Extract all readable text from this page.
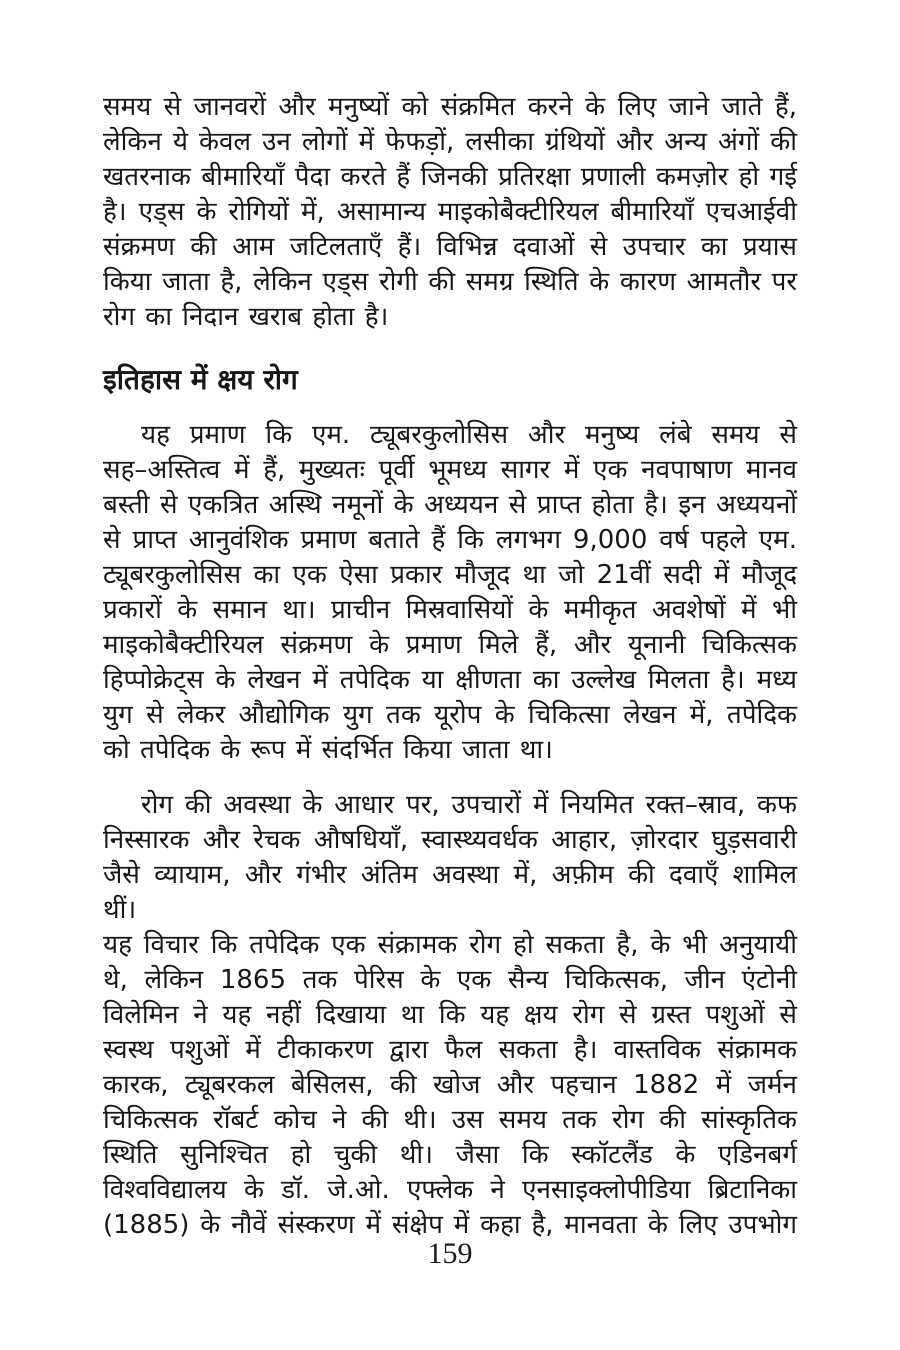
समय से जानवरों और मनुष्यों को संक्रमित करने के लिए जाने जाते हैं,
लेकिन ये केवल उन लोगों में फेफड़ों, लसीका ग्रंथियों और अन्य अंगों की
खतरनाक बीमारियाँ पैदा करते हैं जिनकी प्रतिरक्षा प्रणाली कमज़ोर हो गई
है। एड्स के रोगियों में, असामान्य माइकोबैक्टीरियल बीमारियाँ एचआईवी
संक्रमण की आम जटिलताएँ हैं। विभिन्न दवाओं से उपचार का प्रयास
किया जाता है, लेकिन एड्स रोगी की समग्र स्थिति के कारण आमतौर पर
रोग का निदान खराब होता है।
इतिहास में क्षय रोग
यह प्रमाण कि एम. ट्यूबरकुलोसिस और मनुष्य लंबे समय से
सह–अस्तित्व में हैं, मुख्यतः पूर्वी भूमध्य सागर में एक नवपाषाण मानव
बस्ती से एकत्रित अस्थि नमूनों के अध्ययन से प्राप्त होता है। इन अध्ययनों
से प्राप्त आनुवंशिक प्रमाण बताते हैं कि लगभग 9,000 वर्ष पहले एम.
ट्यूबरकुलोसिस का एक ऐसा प्रकार मौजूद था जो 21वीं सदी में मौजूद
प्रकारों के समान था। प्राचीन मिस्रवासियों के ममीकृत अवशेषों में भी
माइकोबैक्टीरियल संक्रमण के प्रमाण मिले हैं, और यूनानी चिकित्सक
हिप्पोक्रेट्स के लेखन में तपेदिक या क्षीणता का उल्लेख मिलता है। मध्य
युग से लेकर औद्योगिक युग तक यूरोप के चिकित्सा लेखन में, तपेदिक
को तपेदिक के रूप में संदर्भित किया जाता था।
रोग की अवस्था के आधार पर, उपचारों में नियमित रक्त–स्राव, कफ
निस्सारक और रेचक औषधियाँ, स्वास्थ्यवर्धक आहार, ज़ोरदार घुड़सवारी
जैसे व्यायाम, और गंभीर अंतिम अवस्था में, अफ़ीम की दवाएँ शामिल थीं।
यह विचार कि तपेदिक एक संक्रामक रोग हो सकता है, के भी अनुयायी
थे, लेकिन 1865 तक पेरिस के एक सैन्य चिकित्सक, जीन एंटोनी
विलेमिन ने यह नहीं दिखाया था कि यह क्षय रोग से ग्रस्त पशुओं से
स्वस्थ पशुओं में टीकाकरण द्वारा फैल सकता है। वास्तविक संक्रामक
कारक, ट्यूबरकल बेसिलस, की खोज और पहचान 1882 में जर्मन
चिकित्सक रॉबर्ट कोच ने की थी। उस समय तक रोग की सांस्कृतिक
स्थिति सुनिश्चित हो चुकी थी। जैसा कि स्कॉटलैंड के एडिनबर्ग
विश्वविद्यालय के डॉ. जे.ओ. एफ्लेक ने एनसाइक्लोपीडिया ब्रिटानिका
(1885) के नौवें संस्करण में संक्षेप में कहा है, मानवता के लिए उपभोग
159
